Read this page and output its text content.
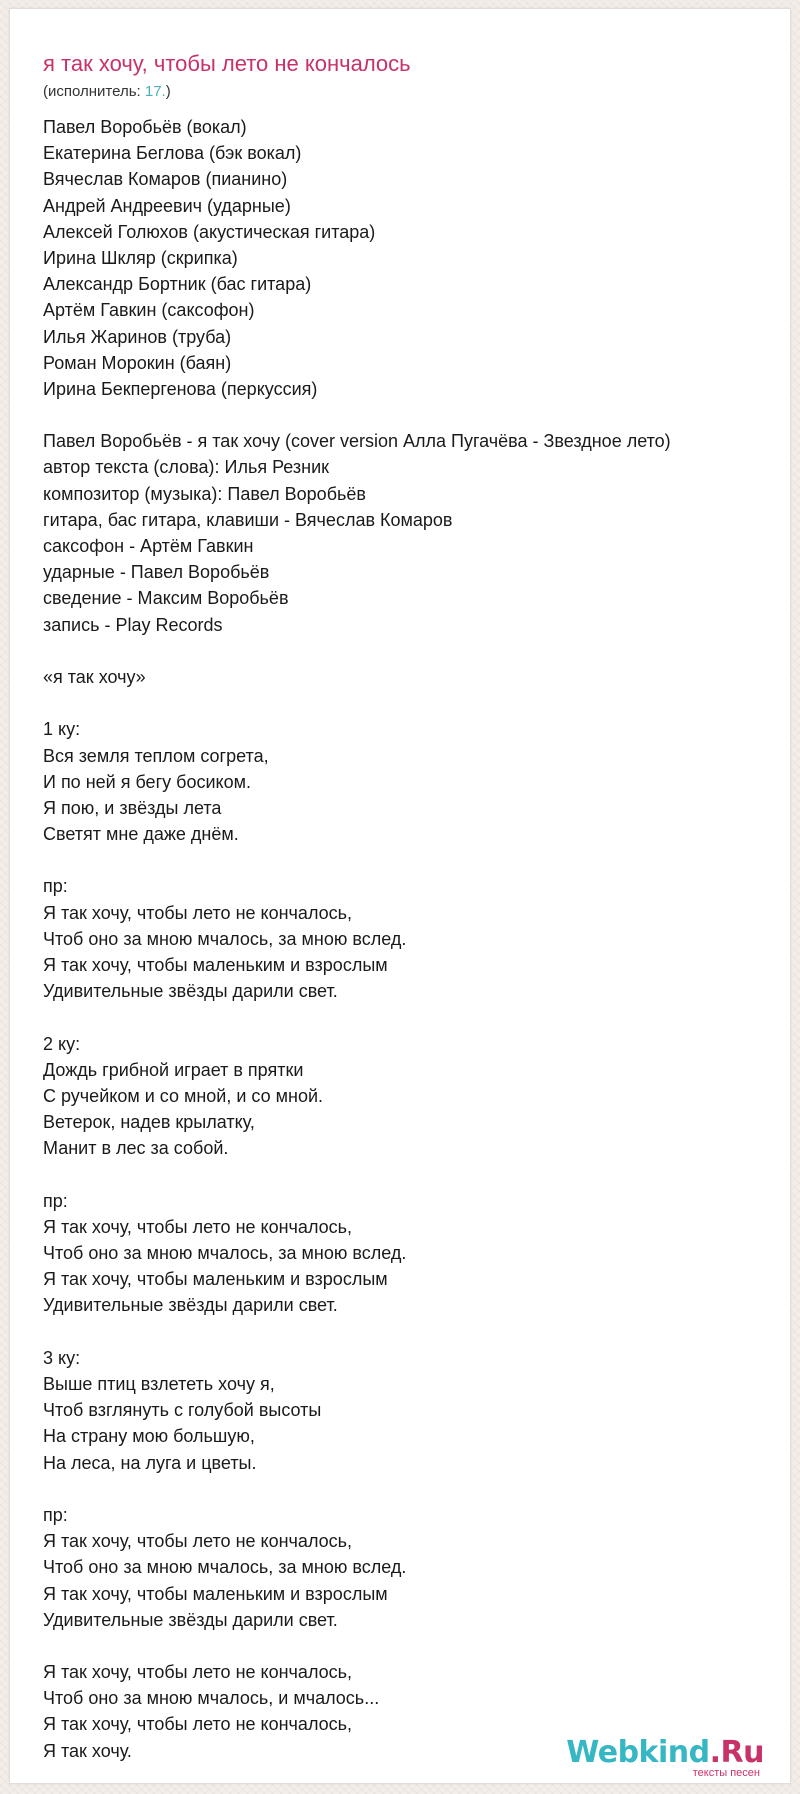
я так хочу, чтобы лето не кончалось
(исполнитель: 17.)
Павел Воробьёв (вокал)
Екатерина Беглова (бэк вокал)
Вячеслав Комаров (пианино)
Андрей Андреевич (ударные)
Алексей Голюхов (акустическая гитара)
Ирина Шкляр (скрипка)
Александр Бортник (бас гитара)
Артём Гавкин (саксофон)
Илья Жаринов (труба)
Роман Морокин (баян)
Ирина Бекпергенова (перкуссия)
Павел Воробьёв - я так хочу (cover version Алла Пугачёва - Звездное лето)
автор текста (слова): Илья Резник
композитор (музыка): Павел Воробьёв
гитара, бас гитара, клавиши - Вячеслав Комаров
саксофон - Артём Гавкин
ударные - Павел Воробьёв
сведение - Максим Воробьёв
запись - Play Records
«я так хочу»
1 ку:
Вся земля теплом согрета,
И по ней я бегу босиком.
Я пою, и звёзды лета
Светят мне даже днём.
пр:
Я так хочу, чтобы лето не кончалось,
Чтоб оно за мною мчалось, за мною вслед.
Я так хочу, чтобы маленьким и взрослым
Удивительные звёзды дарили свет.
2 ку:
Дождь грибной играет в прятки
С ручейком и со мной, и со мной.
Ветерок, надев крылатку,
Манит в лес за собой.
пр:
Я так хочу, чтобы лето не кончалось,
Чтоб оно за мною мчалось, за мною вслед.
Я так хочу, чтобы маленьким и взрослым
Удивительные звёзды дарили свет.
3 ку:
Выше птиц взлететь хочу я,
Чтоб взглянуть с голубой высоты
На страну мою большую,
На леса, на луга и цветы.
пр:
Я так хочу, чтобы лето не кончалось,
Чтоб оно за мною мчалось, за мною вслед.
Я так хочу, чтобы маленьким и взрослым
Удивительные звёзды дарили свет.
Я так хочу, чтобы лето не кончалось,
Чтоб оно за мною мчалось, и мчалось...
Я так хочу, чтобы лето не кончалось,
Я так хочу.	Webkind.Ru
тексты песен
